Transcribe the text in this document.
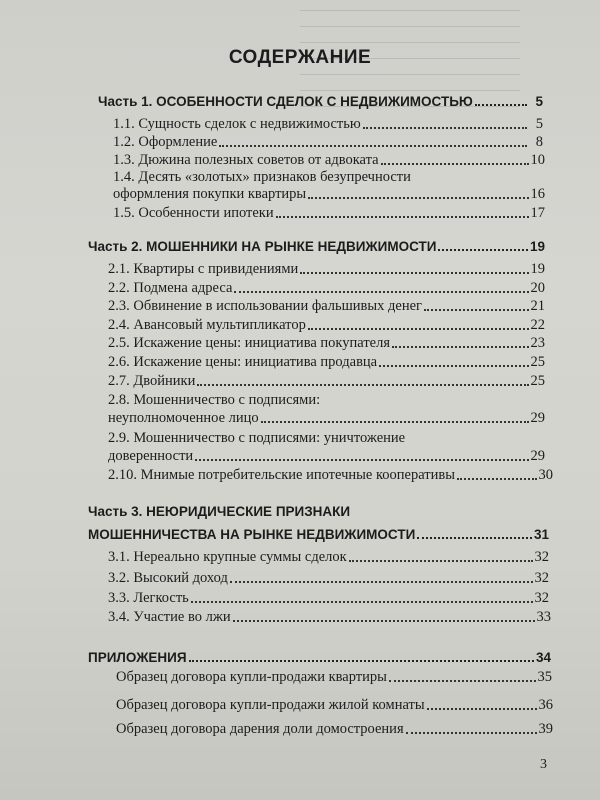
СОДЕРЖАНИЕ
Часть 1. ОСОБЕННОСТИ СДЕЛОК С НЕДВИЖИМОСТЬЮ	5
1.1. Сущность сделок с недвижимостью	5
1.2. Оформление	8
1.3. Дюжина полезных советов от адвоката	10
1.4. Десять «золотых» признаков безупречности
оформления покупки квартиры	16
1.5. Особенности ипотеки	17
Часть 2. МОШЕННИКИ НА РЫНКЕ НЕДВИЖИМОСТИ	19
2.1. Квартиры с привидениями	19
2.2. Подмена адреса	20
2.3. Обвинение в использовании фальшивых денег	21
2.4. Авансовый мультипликатор	22
2.5. Искажение цены: инициатива покупателя	23
2.6. Искажение цены: инициатива продавца	25
2.7. Двойники	25
2.8. Мошенничество с подписями:
неуполномоченное лицо	29
2.9. Мошенничество с подписями: уничтожение
доверенности	29
2.10. Мнимые потребительские ипотечные кооперативы	30
Часть 3. НЕЮРИДИЧЕСКИЕ ПРИЗНАКИ
МОШЕННИЧЕСТВА НА РЫНКЕ НЕДВИЖИМОСТИ	31
3.1. Нереально крупные суммы сделок	32
3.2. Высокий доход	32
3.3. Легкость	32
3.4. Участие во лжи	33
ПРИЛОЖЕНИЯ	34
Образец договора купли-продажи квартиры	35
Образец договора купли-продажи жилой комнаты	36
Образец договора дарения доли домостроения	39
3
